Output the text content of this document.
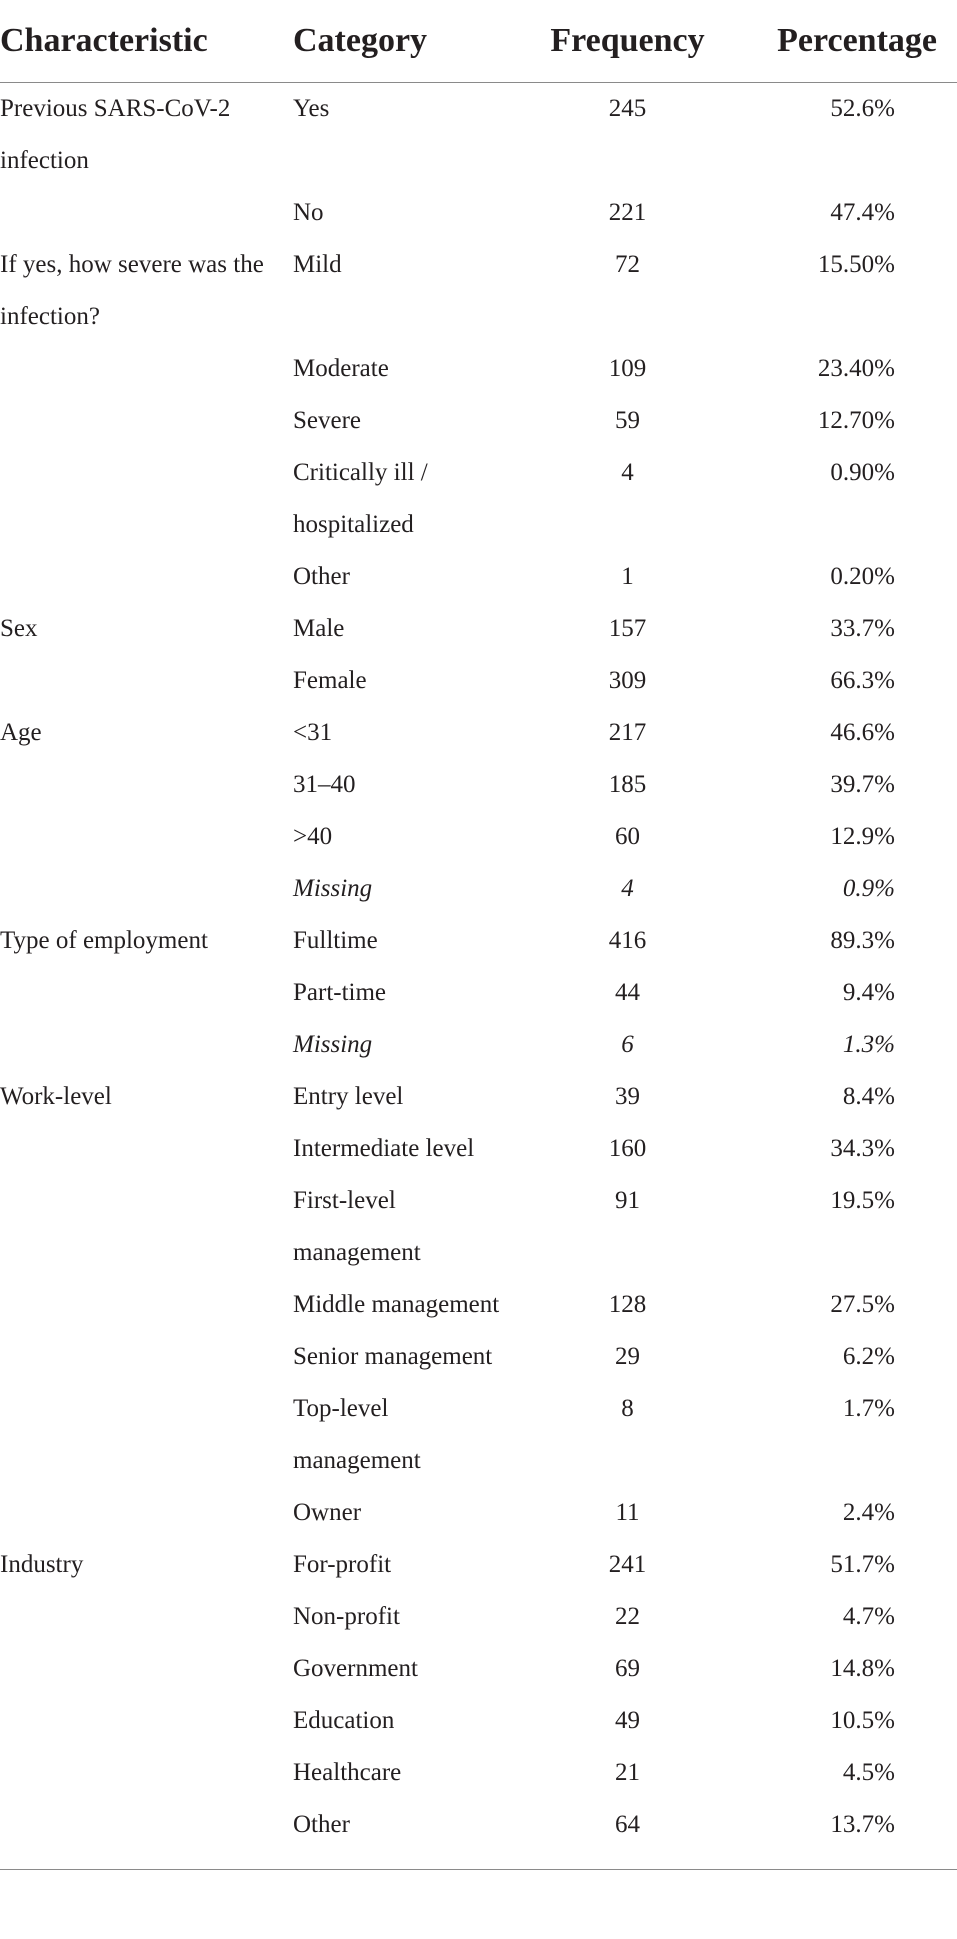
Characteristic	Category	Frequency	Percentage
Previous SARS-CoV-2 infection	Yes	245	52.6%
	No	221	47.4%
If yes, how severe was the infection?	Mild	72	15.50%
	Moderate	109	23.40%
	Severe	59	12.70%
	Critically ill / hospitalized	4	0.90%
	Other	1	0.20%
Sex	Male	157	33.7%
	Female	309	66.3%
Age	<31	217	46.6%
	31–40	185	39.7%
	>40	60	12.9%
	Missing	4	0.9%
Type of employment	Fulltime	416	89.3%
	Part-time	44	9.4%
	Missing	6	1.3%
Work-level	Entry level	39	8.4%
	Intermediate level	160	34.3%
	First-level management	91	19.5%
	Middle management	128	27.5%
	Senior management	29	6.2%
	Top-level management	8	1.7%
	Owner	11	2.4%
Industry	For-profit	241	51.7%
	Non-profit	22	4.7%
	Government	69	14.8%
	Education	49	10.5%
	Healthcare	21	4.5%
	Other	64	13.7%
